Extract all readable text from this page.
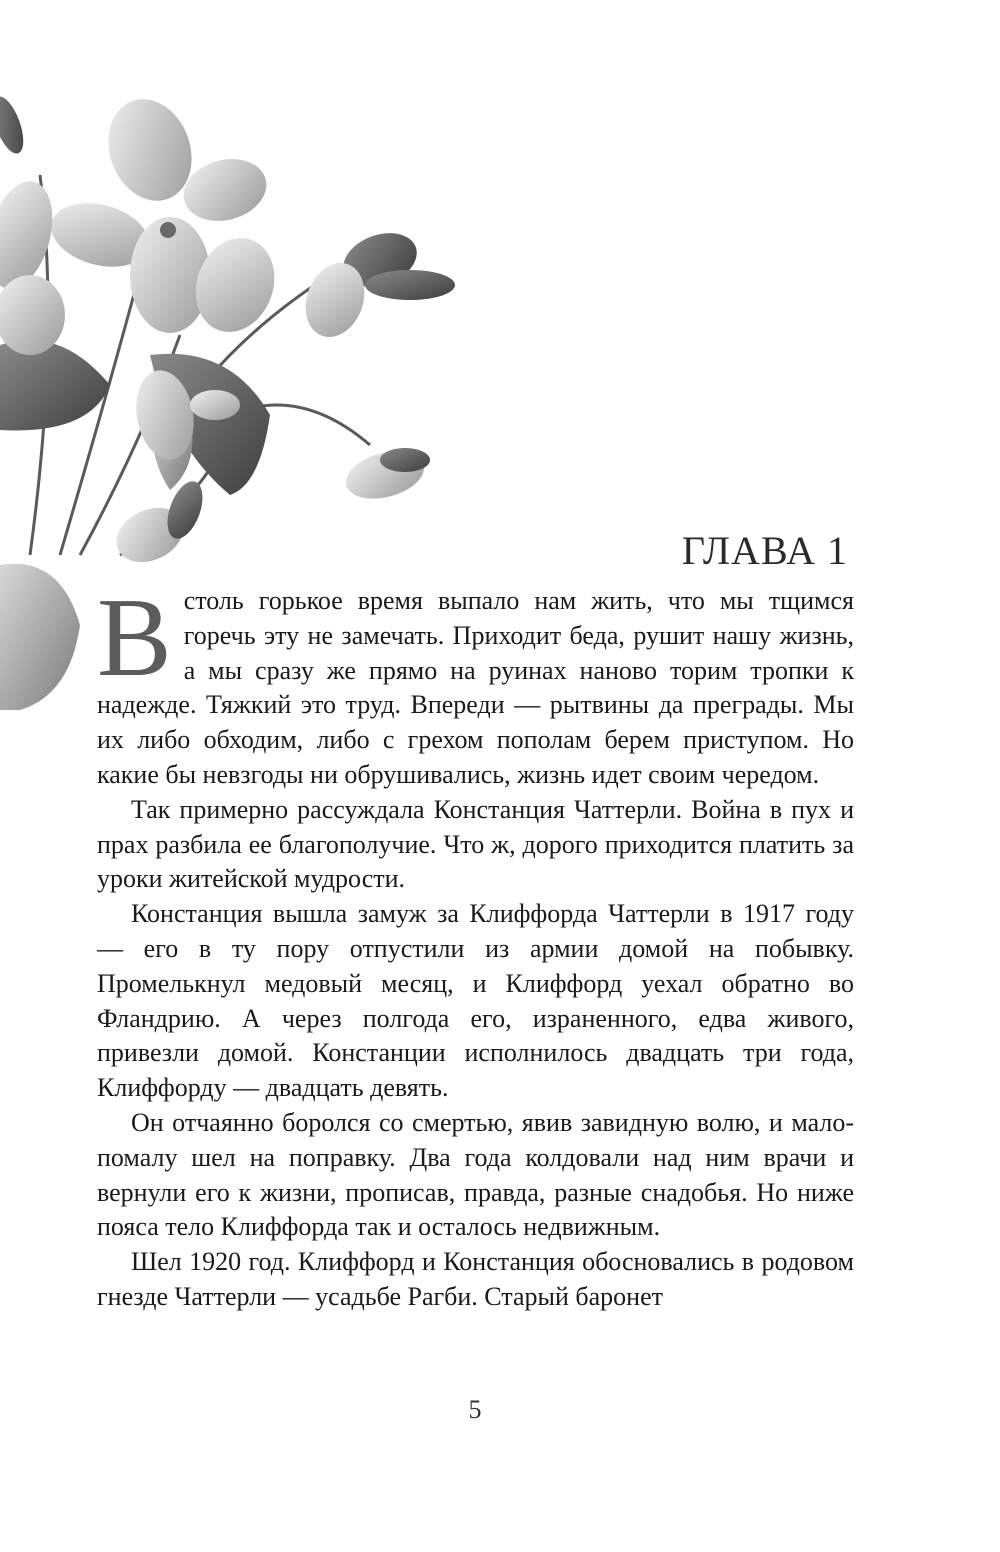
ГЛАВА 1

Встоль горькое время выпало нам жить, что мы тщимся горечь эту не замечать. Приходит беда, рушит нашу жизнь, а мы сразу же прямо на руинах наново торим тропки к надежде. Тяжкий это труд. Впереди — рытвины да преграды. Мы их либо обходим, либо с грехом пополам берем приступом. Но какие бы невзгоды ни обрушивались, жизнь идет своим чередом.

Так примерно рассуждала Констанция Чаттерли. Война в пух и прах разбила ее благополучие. Что ж, дорого приходится платить за уроки житейской мудрости.

Констанция вышла замуж за Клиффорда Чаттерли в 1917 году — его в ту пору отпустили из армии домой на побывку. Промелькнул медовый месяц, и Клиффорд уехал обратно во Фландрию. А через полгода его, израненного, едва живого, привезли домой. Констанции исполнилось двадцать три года, Клиффорду — двадцать девять.

Он отчаянно боролся со смертью, явив завидную волю, и мало-помалу шел на поправку. Два года колдовали над ним врачи и вернули его к жизни, прописав, правда, разные снадобья. Но ниже пояса тело Клиффорда так и осталось недвижным.

Шел 1920 год. Клиффорд и Констанция обосновались в родовом гнезде Чаттерли — усадьбе Рагби. Старый баронет

5
